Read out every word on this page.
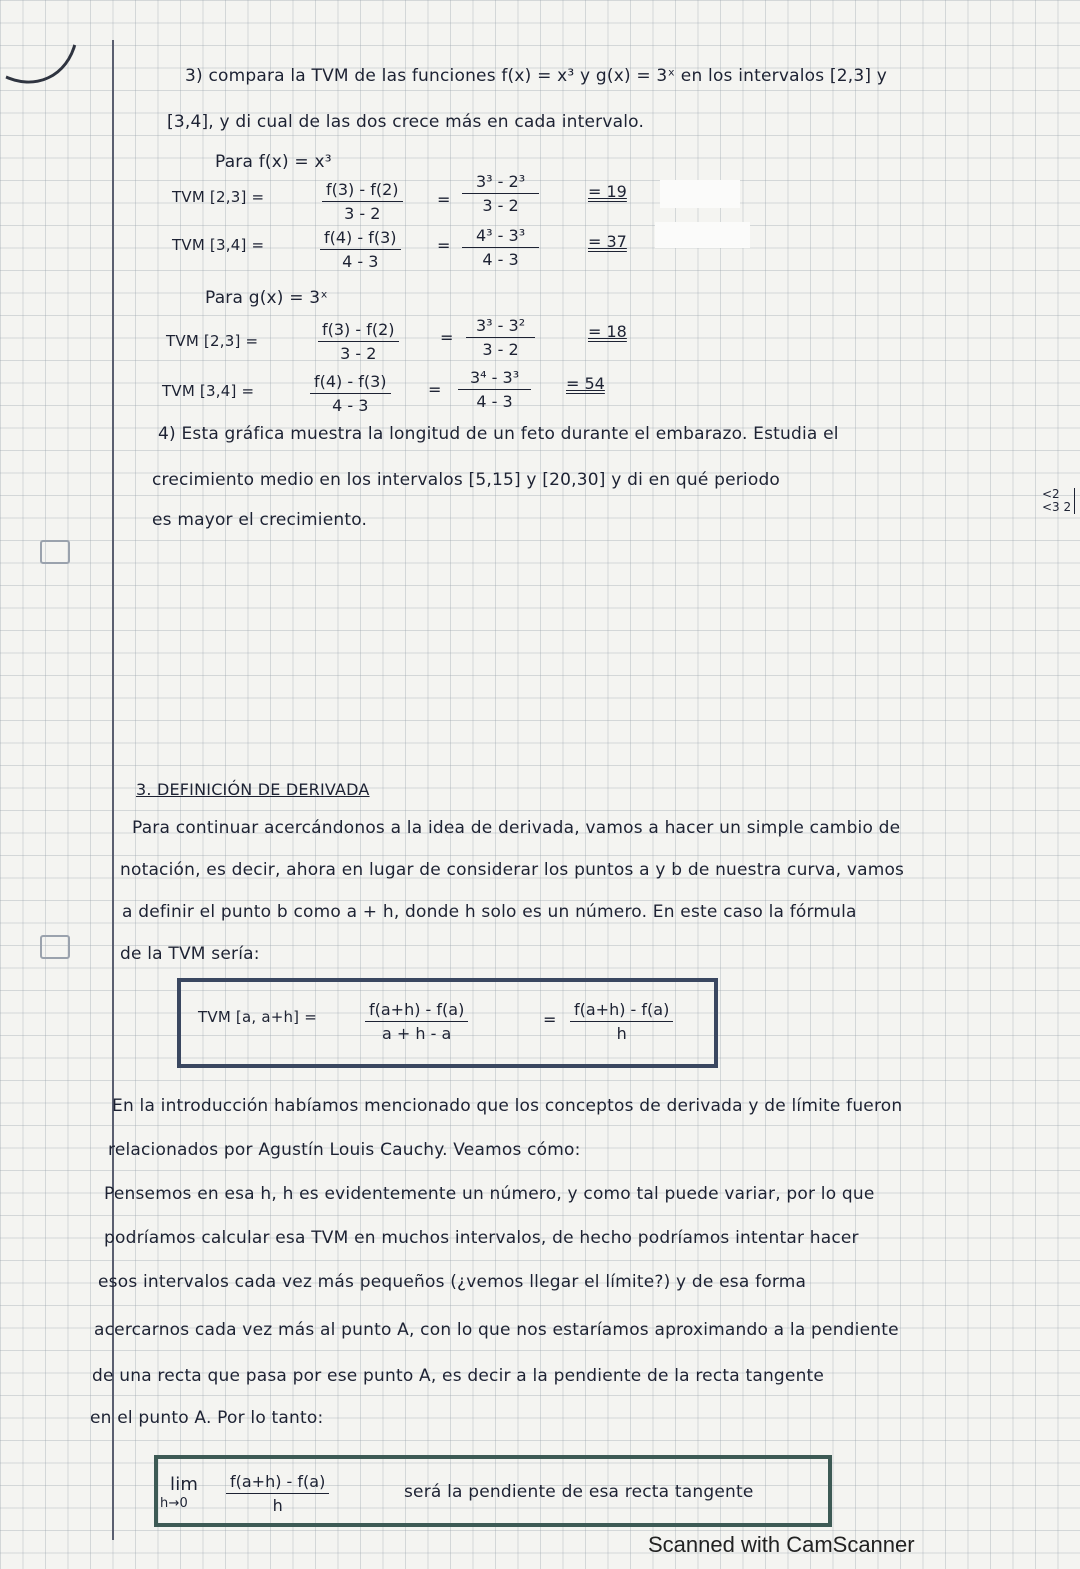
3) compara la TVM de las funciones f(x) = x³ y g(x) = 3ˣ en los intervalos [2,3] y
[3,4], y di cual de las dos crece más en cada intervalo.
Para f(x) = x³
TVM [2,3] =	$\frac{f(3) - f(2)}{3 - 2} = \frac{\text{3³ - 2³}}{3 - 2}$	= 19
TVM [3,4] =	$\frac{f(4) - f(3)}{4 - 3} = \frac{\text{4³ - 3³}}{4 - 3}$	= 37
Para g(x) = 3ˣ
TVM [2,3] =	$\frac{f(3) - f(2)}{3 - 2}$	= $\frac{\text{3³ - 3²}}{3 - 2}$	= 18
TVM [3,4] =	$\frac{f(4) - f(3)}{4 - 3} = \frac{\text{3⁴ - 3³}}{4 - 3} = 54$
4) Esta gráfica muestra la longitud de un feto durante el embarazo. Estudia el
crecimiento medio en los intervalos [5,15] y [20,30] y di en qué periodo
es mayor el crecimiento.
<2 <3 2
3. DEFINICIÓN DE DERIVADA
Para continuar acercándonos a la idea de derivada, vamos a hacer un simple cambio de
notación, es decir, ahora en lugar de considerar los puntos a y b de nuestra curva, vamos
a definir el punto b como a + h, donde h solo es un número. En este caso la fórmula
de la TVM sería:
TVM [a, a+h] =	$\frac{f(a+h) - f(a)}{a + h - a}$	= $\frac{f(a+h) - f(a)}{h}$
En la introducción habíamos mencionado que los conceptos de derivada y de límite fueron
relacionados por Agustín Louis Cauchy. Veamos cómo:
Pensemos en esa h, h es evidentemente un número, y como tal puede variar, por lo que
podríamos calcular esa TVM en muchos intervalos, de hecho podríamos intentar hacer
esos intervalos cada vez más pequeños (¿vemos llegar el límite?) y de esa forma
acercarnos cada vez más al punto A, con lo que nos estaríamos aproximando a la pendiente
de una recta que pasa por ese punto A, es decir a la pendiente de la recta tangente
en el punto A. Por lo tanto:
lim
$h\to 0 \frac{f(a+h) - f(a)}{h}$	será la pendiente de esa recta tangente
Scanned with CamScanner
